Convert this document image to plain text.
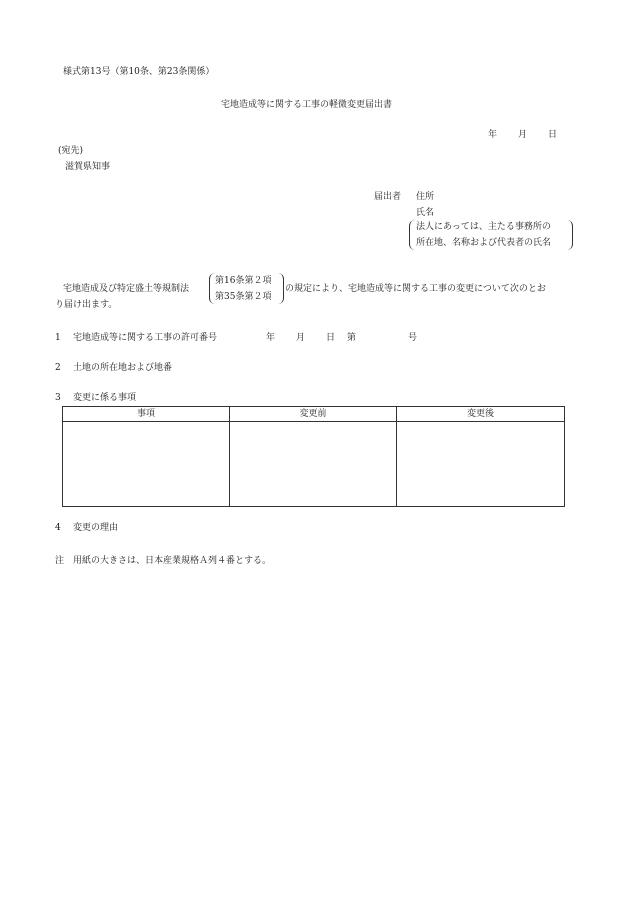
様式第13号（第10条、第23条関係）
宅地造成等に関する工事の軽微変更届出書
年 月 日
(宛先)
滋賀県知事
届出者 住所
氏名
法人にあっては、主たる事務所の
所在地、名称および代表者の氏名
宅地造成及び特定盛土等規制法
第16条第２項
第35条第２項
の規定により、宅地造成等に関する工事の変更について次のとお
り届け出ます。
1 宅地造成等に関する工事の許可番号	年 月 日 第	号
2 土地の所在地および地番
3 変更に係る事項
事項	変更前	変更後

4 変更の理由
注 用紙の大きさは、日本産業規格Ａ列４番とする。
